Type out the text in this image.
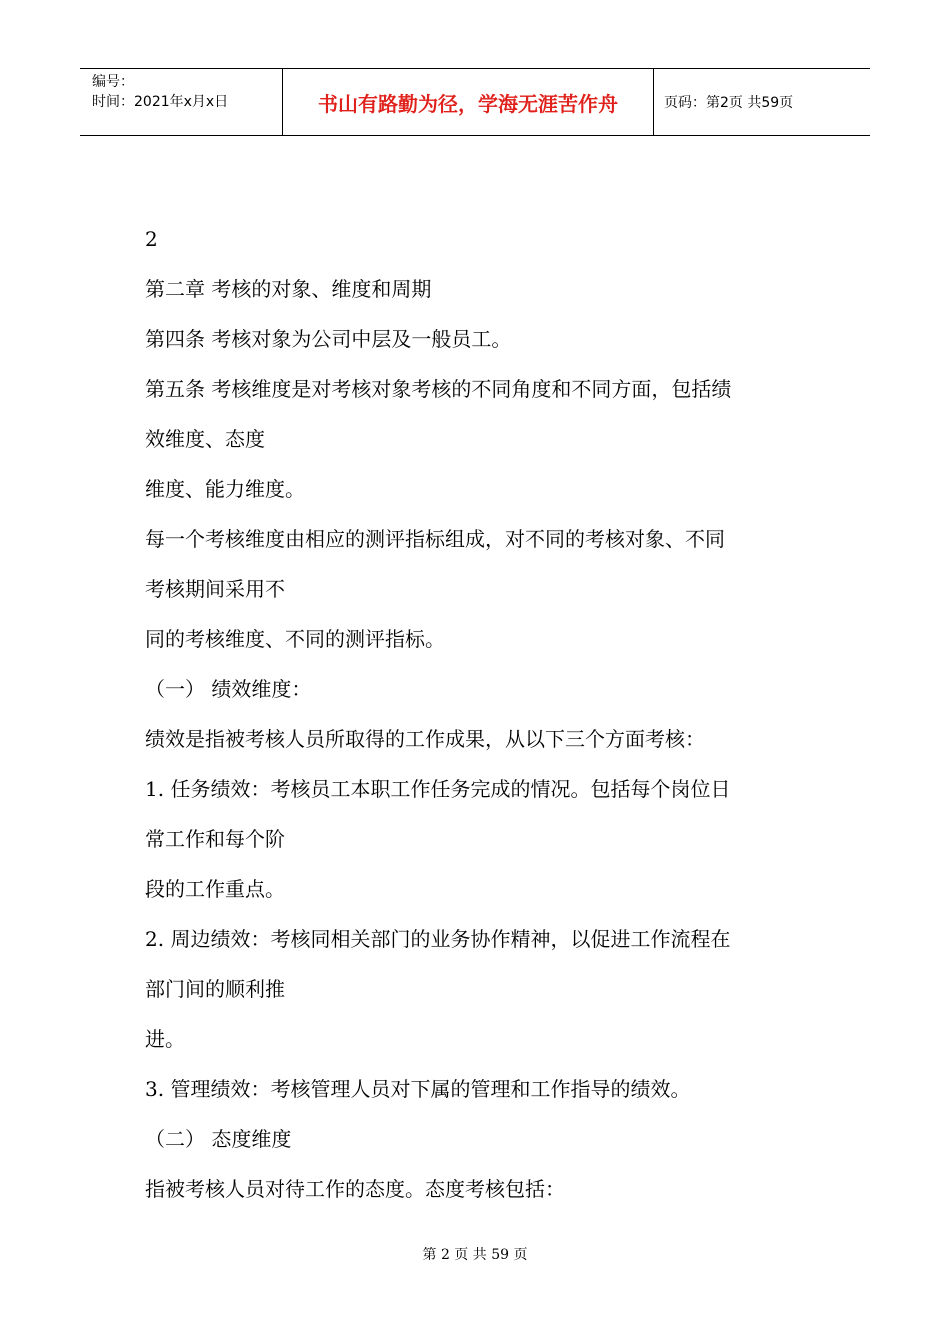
编号：
时间：2021年x月x日	书山有路勤为径，学海无涯苦作舟	页码：第2页 共59页
2
第二章 考核的对象、维度和周期
第四条 考核对象为公司中层及一般员工。
第五条 考核维度是对考核对象考核的不同角度和不同方面，包括绩
效维度、态度
维度、能力维度。
每一个考核维度由相应的测评指标组成，对不同的考核对象、不同
考核期间采用不
同的考核维度、不同的测评指标。
（一） 绩效维度：
绩效是指被考核人员所取得的工作成果，从以下三个方面考核：
1. 任务绩效：考核员工本职工作任务完成的情况。包括每个岗位日
常工作和每个阶
段的工作重点。
2. 周边绩效：考核同相关部门的业务协作精神，以促进工作流程在
部门间的顺利推
进。
3. 管理绩效：考核管理人员对下属的管理和工作指导的绩效。
（二） 态度维度
指被考核人员对待工作的态度。态度考核包括：
第 2 页 共 59 页
